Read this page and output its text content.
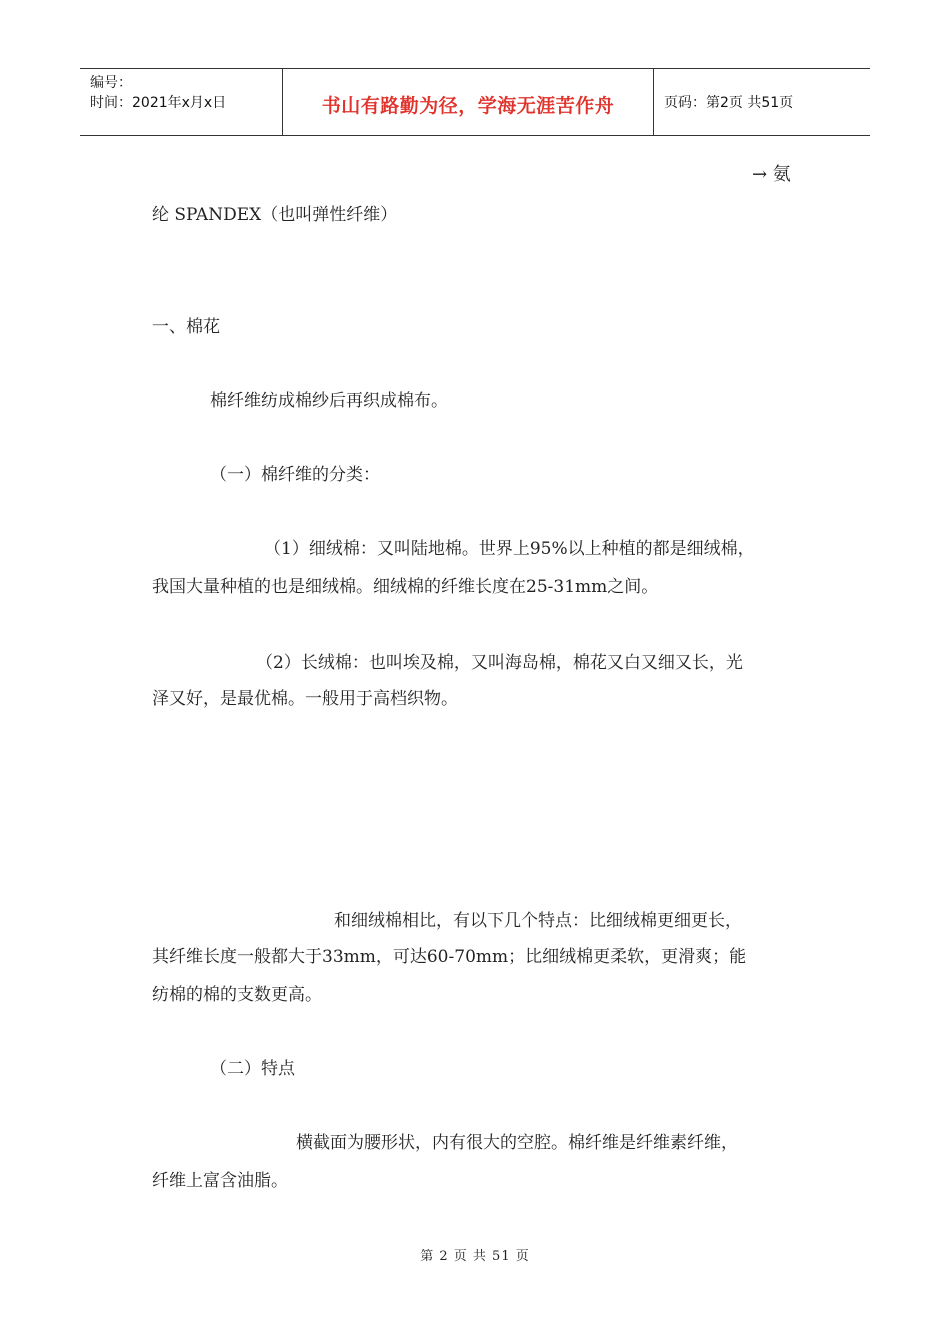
编号：
时间：2021年x月x日	书山有路勤为径，学海无涯苦作舟	页码：第2页 共51页
→ 氨
纶 SPANDEX（也叫弹性纤维）
一、棉花
棉纤维纺成棉纱后再织成棉布。
（一）棉纤维的分类：
（1）细绒棉：又叫陆地棉。世界上95%以上种植的都是细绒棉，
我国大量种植的也是细绒棉。细绒棉的纤维长度在25-31mm之间。
（2）长绒棉：也叫埃及棉，又叫海岛棉，棉花又白又细又长，光
泽又好，是最优棉。一般用于高档织物。
和细绒棉相比，有以下几个特点：比细绒棉更细更长，
其纤维长度一般都大于33mm，可达60-70mm；比细绒棉更柔软，更滑爽；能
纺棉的棉的支数更高。
（二）特点
横截面为腰形状，内有很大的空腔。棉纤维是纤维素纤维，
纤维上富含油脂。
第 2 页 共 51 页
